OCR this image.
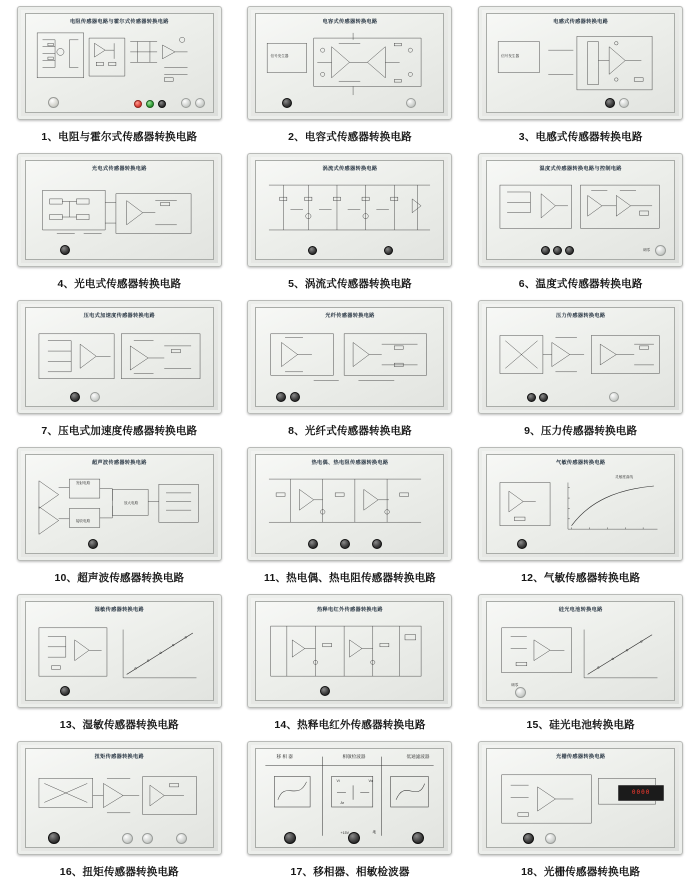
电阻传感器电路与霍尔式传感器转换电路
1、电阻与霍尔式传感器转换电路
电容式传感器转换电路
信号发生器
2、电容式传感器转换电路
电感式传感器转换电路
信号发生器
3、电感式传感器转换电路
光电式传感器转换电路
4、光电式传感器转换电路
涡流式传感器转换电路
5、涡流式传感器转换电路
温度式传感器转换电路与控制电路
调零
6、温度式传感器转换电路
压电式加速度传感器转换电路
7、压电式加速度传感器转换电路
光纤传感器转换电路
8、光纤式传感器转换电路
压力传感器转换电路
9、压力传感器转换电路
超声波传感器转换电路
发射电路
接收电路
放大电路
10、超声波传感器转换电路
热电偶、热电阻传感器转换电路
11、热电偶、热电阻传感器转换电路
气敏传感器转换电路
灵敏度曲线
12、气敏传感器转换电路
湿敏传感器转换电路
13、湿敏传感器转换电路
热释电红外传感器转换电路
14、热释电红外传感器转换电路
硅光电池转换电路
调零
15、硅光电池转换电路
扭矩传感器转换电路
16、扭矩传感器转换电路
移 相 器	相敏检波器	低通滤波器
Vi	Vo
Ar
+15V	地
17、移相器、相敏检波器
光栅传感器转换电路
0000
18、光栅传感器转换电路
